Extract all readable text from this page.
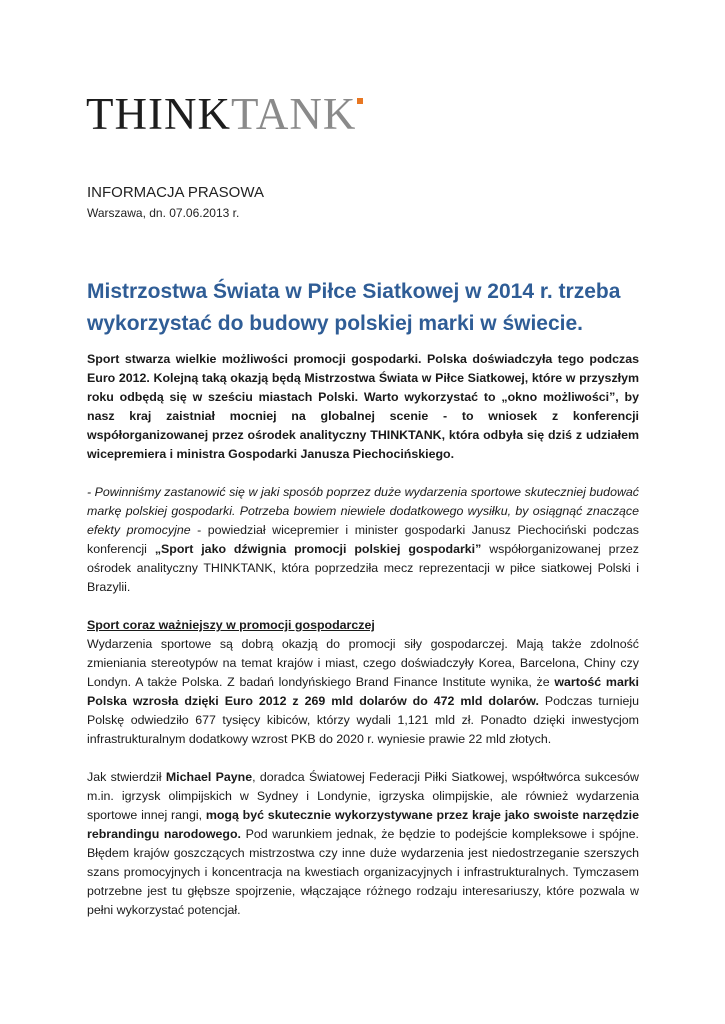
THINKTANK
INFORMACJA PRASOWA
Warszawa, dn. 07.06.2013 r.
Mistrzostwa Świata w Piłce Siatkowej w 2014 r. trzeba wykorzystać do budowy polskiej marki w świecie.

Sport stwarza wielkie możliwości promocji gospodarki. Polska doświadczyła tego podczas Euro 2012. Kolejną taką okazją będą Mistrzostwa Świata w Piłce Siatkowej, które w przyszłym roku odbędą się w sześciu miastach Polski. Warto wykorzystać to „okno możliwości”, by nasz kraj zaistniał mocniej na globalnej scenie - to wniosek z konferencji współorganizowanej przez ośrodek analityczny THINKTANK, która odbyła się dziś z udziałem wicepremiera i ministra Gospodarki Janusza Piechocińskiego.

- Powinniśmy zastanowić się w jaki sposób poprzez duże wydarzenia sportowe skuteczniej budować markę polskiej gospodarki. Potrzeba bowiem niewiele dodatkowego wysiłku, by osiągnąć znaczące efekty promocyjne - powiedział wicepremier i minister gospodarki Janusz Piechociński podczas konferencji „Sport jako dźwignia promocji polskiej gospodarki” współorganizowanej przez ośrodek analityczny THINKTANK, która poprzedziła mecz reprezentacji w piłce siatkowej Polski i Brazylii.

Sport coraz ważniejszy w promocji gospodarczej

Wydarzenia sportowe są dobrą okazją do promocji siły gospodarczej. Mają także zdolność zmieniania stereotypów na temat krajów i miast, czego doświadczyły Korea, Barcelona, Chiny czy Londyn. A także Polska. Z badań londyńskiego Brand Finance Institute wynika, że wartość marki Polska wzrosła dzięki Euro 2012 z 269 mld dolarów do 472 mld dolarów. Podczas turnieju Polskę odwiedziło 677 tysięcy kibiców, którzy wydali 1,121 mld zł. Ponadto dzięki inwestycjom infrastrukturalnym dodatkowy wzrost PKB do 2020 r. wyniesie prawie 22 mld złotych.

Jak stwierdził Michael Payne, doradca Światowej Federacji Piłki Siatkowej, współtwórca sukcesów m.in. igrzysk olimpijskich w Sydney i Londynie, igrzyska olimpijskie, ale również wydarzenia sportowe innej rangi, mogą być skutecznie wykorzystywane przez kraje jako swoiste narzędzie rebrandingu narodowego. Pod warunkiem jednak, że będzie to podejście kompleksowe i spójne. Błędem krajów goszczących mistrzostwa czy inne duże wydarzenia jest niedostrzeganie szerszych szans promocyjnych i koncentracja na kwestiach organizacyjnych i infrastrukturalnych. Tymczasem potrzebne jest tu głębsze spojrzenie, włączające różnego rodzaju interesariuszy, które pozwala w pełni wykorzystać potencjał.
